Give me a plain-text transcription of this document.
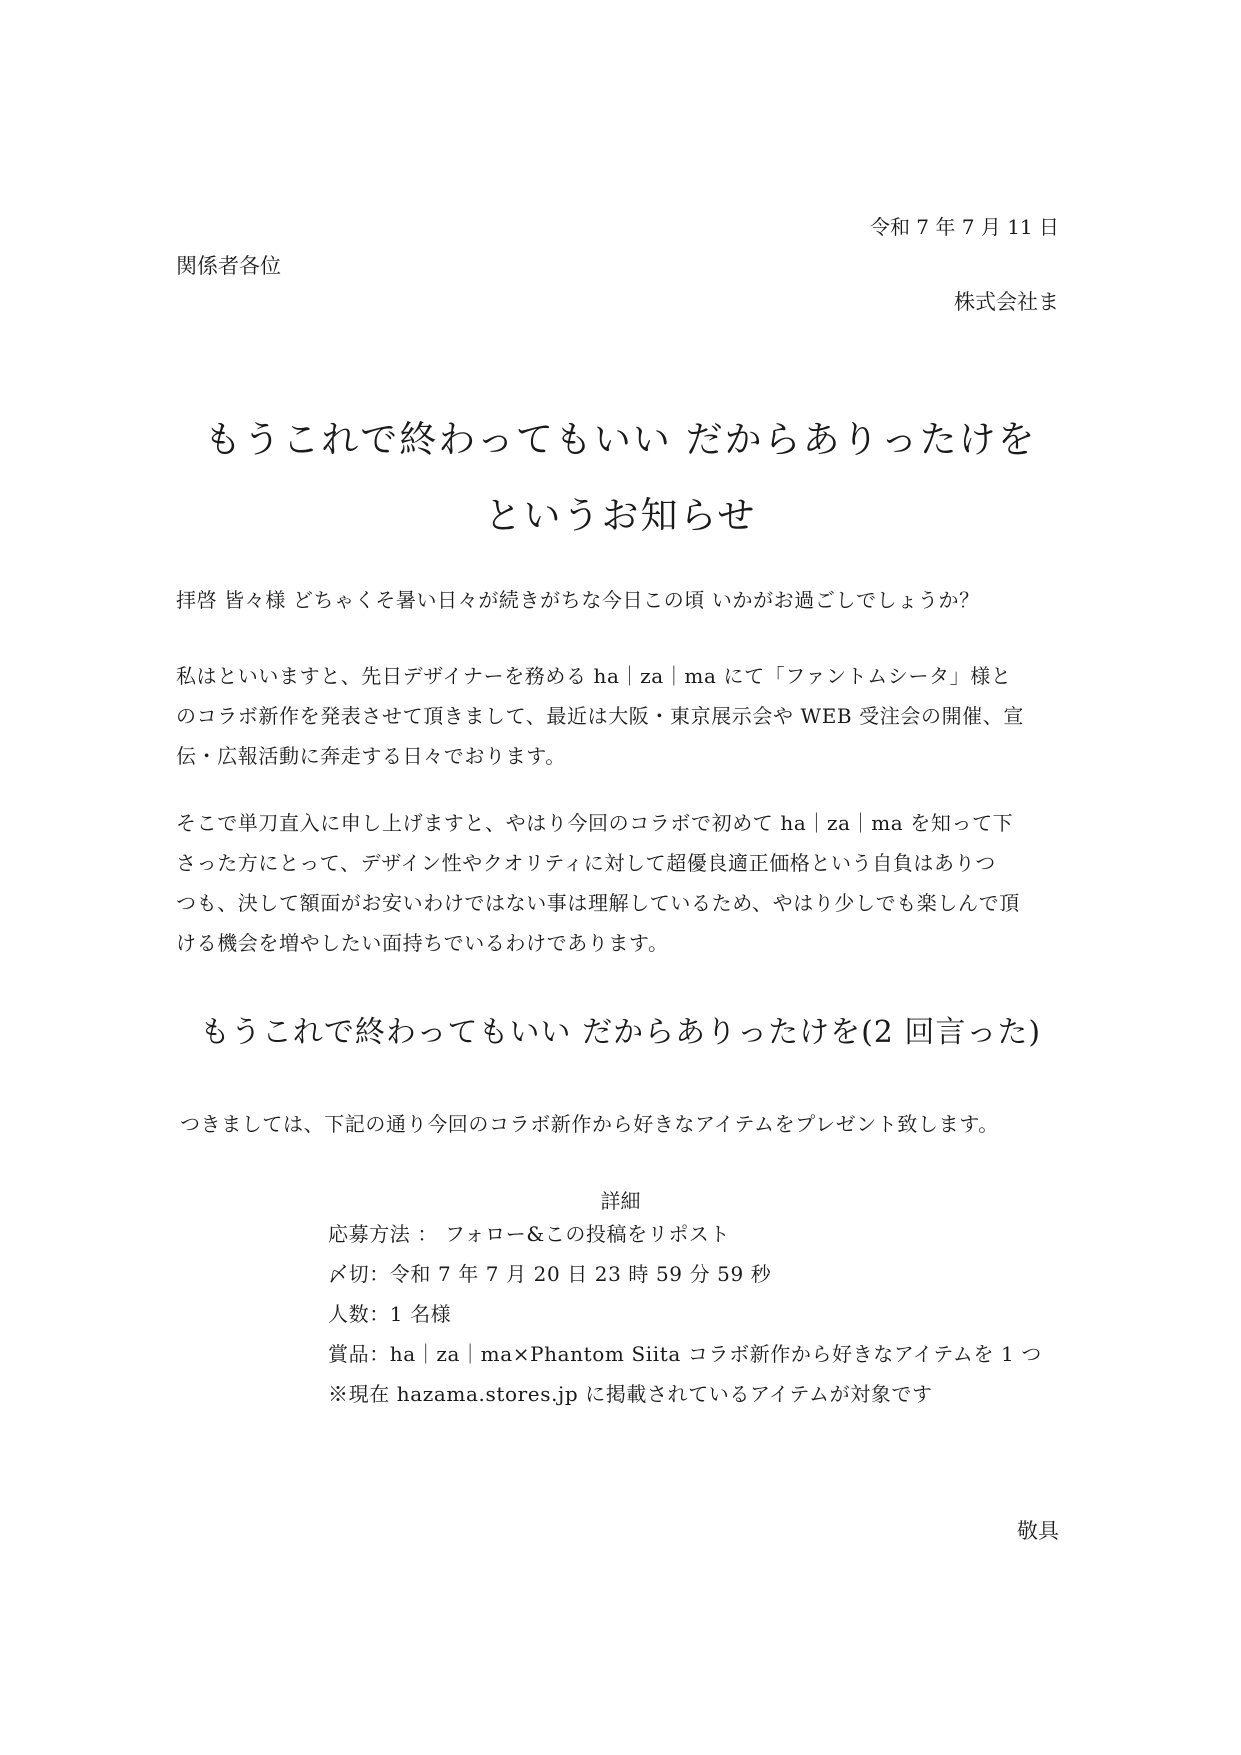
令和 7 年 7 月 11 日
関係者各位
株式会社ま
もうこれで終わってもいい だからありったけを
というお知らせ
拝啓 皆々様 どちゃくそ暑い日々が続きがちな今日この頃 いかがお過ごしでしょうか？
私はといいますと、先日デザイナーを務める ha｜za｜ma にて「ファントムシータ」様と
のコラボ新作を発表させて頂きまして、最近は大阪・東京展示会や WEB 受注会の開催、宣
伝・広報活動に奔走する日々でおります。
そこで単刀直入に申し上げますと、やはり今回のコラボで初めて ha｜za｜ma を知って下
さった方にとって、デザイン性やクオリティに対して超優良適正価格という自負はありつ
つも、決して額面がお安いわけではない事は理解しているため、やはり少しでも楽しんで頂
ける機会を増やしたい面持ちでいるわけであります。
もうこれで終わってもいい だからありったけを(2 回言った)
つきましては、下記の通り今回のコラボ新作から好きなアイテムをプレゼント致します。
詳細
応募方法 ： フォロー&この投稿をリポスト
〆切：令和 7 年 7 月 20 日 23 時 59 分 59 秒
人数：1 名様
賞品：ha｜za｜ma×Phantom Siita コラボ新作から好きなアイテムを 1 つ
※現在 hazama.stores.jp に掲載されているアイテムが対象です
敬具
